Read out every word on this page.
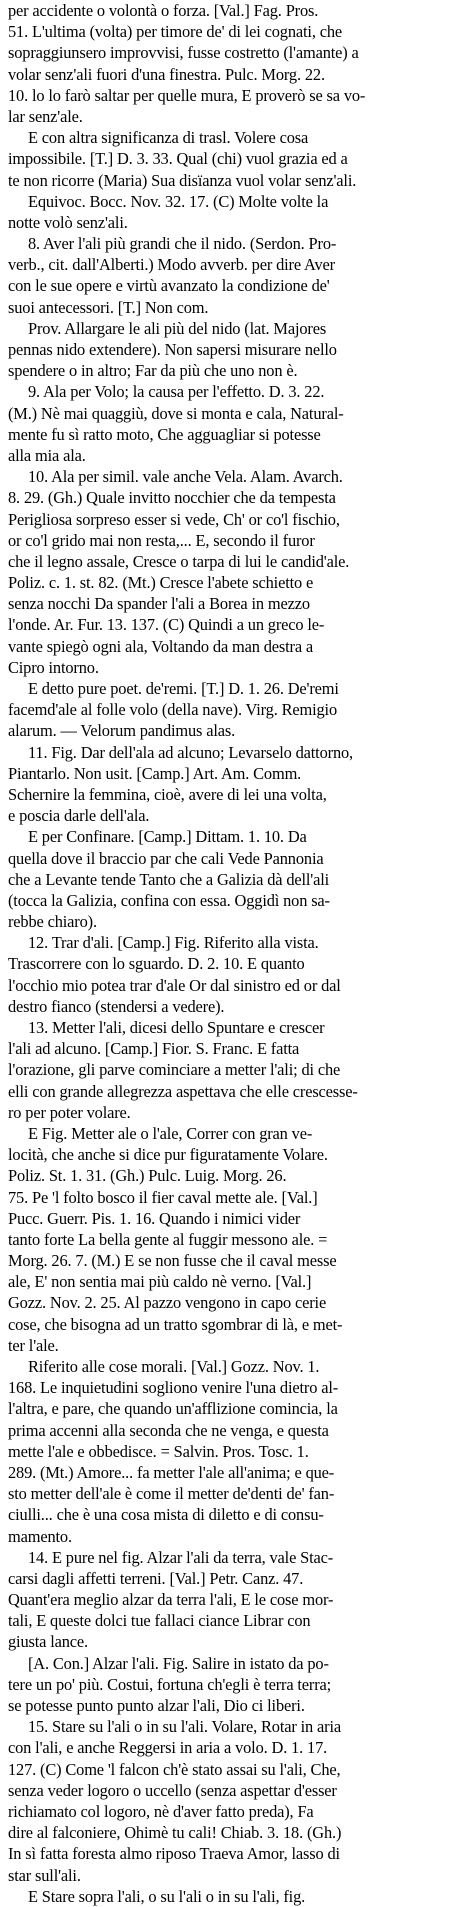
per accidente o volontà o forza. [Val.] Fag. Pros.
51. L'ultima (volta) per timore de' di lei cognati, che
sopraggiunsero improvvisi, fusse costretto (l'amante) a
volar senz'ali fuori d'una finestra. Pulc. Morg. 22.
10. lo lo farò saltar per quelle mura, E proverò se sa vo-
lar senz'ale.
E con altra significanza di trasl. Volere cosa
impossibile. [T.] D. 3. 33. Qual (chi) vuol grazia ed a
te non ricorre (Maria) Sua disïanza vuol volar senz'ali.
Equivoc. Bocc. Nov. 32. 17. (C) Molte volte la
notte volò senz'ali.
8. Aver l'ali più grandi che il nido. (Serdon. Pro-
verb., cit. dall'Alberti.) Modo avverb. per dire Aver
con le sue opere e virtù avanzato la condizione de'
suoi antecessori. [T.] Non com.
Prov. Allargare le ali più del nido (lat. Majores
pennas nido extendere). Non sapersi misurare nello
spendere o in altro; Far da più che uno non è.
9. Ala per Volo; la causa per l'effetto. D. 3. 22.
(M.) Nè mai quaggiù, dove si monta e cala, Natural-
mente fu sì ratto moto, Che agguagliar si potesse
alla mia ala.
10. Ala per simil. vale anche Vela. Alam. Avarch.
8. 29. (Gh.) Quale invitto nocchier che da tempesta
Perigliosa sorpreso esser si vede, Ch' or co'l fischio,
or co'l grido mai non resta,... E, secondo il furor
che il legno assale, Cresce o tarpa di lui le candid'ale.
Poliz. c. 1. st. 82. (Mt.) Cresce l'abete schietto e
senza nocchi Da spander l'ali a Borea in mezzo
l'onde. Ar. Fur. 13. 137. (C) Quindi a un greco le-
vante spiegò ogni ala, Voltando da man destra a
Cipro intorno.
E detto pure poet. de'remi. [T.] D. 1. 26. De'remi
facemd'ale al folle volo (della nave). Virg. Remigio
alarum. — Velorum pandimus alas.
11. Fig. Dar dell'ala ad alcuno; Levarselo dattorno,
Piantarlo. Non usit. [Camp.] Art. Am. Comm.
Schernire la femmina, cioè, avere di lei una volta,
e poscia darle dell'ala.
E per Confinare. [Camp.] Dittam. 1. 10. Da
quella dove il braccio par che cali Vede Pannonia
che a Levante tende Tanto che a Galizia dà dell'ali
(tocca la Galizia, confina con essa. Oggidì non sa-
rebbe chiaro).
12. Trar d'ali. [Camp.] Fig. Riferito alla vista.
Trascorrere con lo sguardo. D. 2. 10. E quanto
l'occhio mio potea trar d'ale Or dal sinistro ed or dal
destro fianco (stendersi a vedere).
13. Metter l'ali, dicesi dello Spuntare e crescer
l'ali ad alcuno. [Camp.] Fior. S. Franc. E fatta
l'orazione, gli parve cominciare a metter l'ali; di che
elli con grande allegrezza aspettava che elle crescesse-
ro per poter volare.
E Fig. Metter ale o l'ale, Correr con gran ve-
locità, che anche si dice pur figuratamente Volare.
Poliz. St. 1. 31. (Gh.) Pulc. Luig. Morg. 26.
75. Pe 'l folto bosco il fier caval mette ale. [Val.]
Pucc. Guerr. Pis. 1. 16. Quando i nimici vider
tanto forte La bella gente al fuggir messono ale. =
Morg. 26. 7. (M.) E se non fusse che il caval messe
ale, E' non sentia mai più caldo nè verno. [Val.]
Gozz. Nov. 2. 25. Al pazzo vengono in capo cerie
cose, che bisogna ad un tratto sgombrar di là, e met-
ter l'ale.
Riferito alle cose morali. [Val.] Gozz. Nov. 1.
168. Le inquietudini sogliono venire l'una dietro al-
l'altra, e pare, che quando un'afflizione comincia, la
prima accenni alla seconda che ne venga, e questa
mette l'ale e obbedisce. = Salvin. Pros. Tosc. 1.
289. (Mt.) Amore... fa metter l'ale all'anima; e que-
sto metter dell'ale è come il metter de'denti de' fan-
ciulli... che è una cosa mista di diletto e di consu-
mamento.
14. E pure nel fig. Alzar l'ali da terra, vale Stac-
carsi dagli affetti terreni. [Val.] Petr. Canz. 47.
Quant'era meglio alzar da terra l'ali, E le cose mor-
tali, E queste dolci tue fallaci ciance Librar con
giusta lance.
[A. Con.] Alzar l'ali. Fig. Salire in istato da po-
tere un po' più. Costui, fortuna ch'egli è terra terra;
se potesse punto punto alzar l'ali, Dio ci liberi.
15. Stare su l'ali o in su l'ali. Volare, Rotar in aria
con l'ali, e anche Reggersi in aria a volo. D. 1. 17.
127. (C) Come 'l falcon ch'è stato assai su l'ali, Che,
senza veder logoro o uccello (senza aspettar d'esser
richiamato col logoro, nè d'aver fatto preda), Fa
dire al falconiere, Ohimè tu cali! Chiab. 3. 18. (Gh.)
In sì fatta foresta almo riposo Traeva Amor, lasso di
star sull'ali.
E Stare sopra l'ali, o su l'ali o in su l'ali, fig.
